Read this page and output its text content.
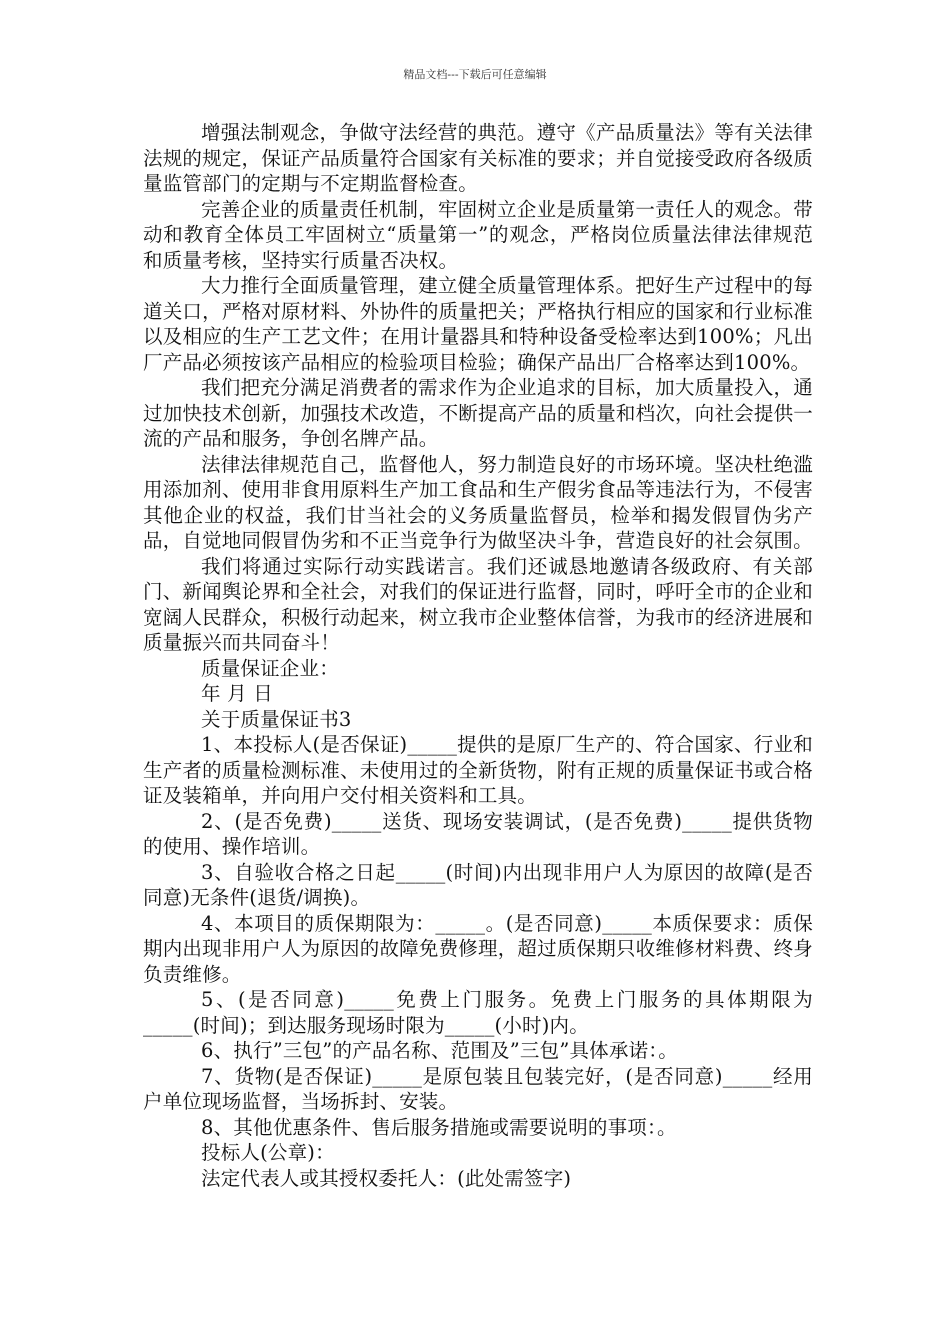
精品文档---下载后可任意编辑

增强法制观念，争做守法经营的典范。遵守《产品质量法》等有关法律法规的规定，保证产品质量符合国家有关标准的要求；并自觉接受政府各级质量监管部门的定期与不定期监督检查。

完善企业的质量责任机制，牢固树立企业是质量第一责任人的观念。带动和教育全体员工牢固树立“质量第一”的观念，严格岗位质量法律法律规范和质量考核，坚持实行质量否决权。

大力推行全面质量管理，建立健全质量管理体系。把好生产过程中的每道关口，严格对原材料、外协件的质量把关；严格执行相应的国家和行业标准以及相应的生产工艺文件；在用计量器具和特种设备受检率达到100%；凡出厂产品必须按该产品相应的检验项目检验；确保产品出厂合格率达到100%。

我们把充分满足消费者的需求作为企业追求的目标，加大质量投入，通过加快技术创新，加强技术改造，不断提高产品的质量和档次，向社会提供一流的产品和服务，争创名牌产品。

法律法律规范自己，监督他人，努力制造良好的市场环境。坚决杜绝滥用添加剂、使用非食用原料生产加工食品和生产假劣食品等违法行为，不侵害其他企业的权益，我们甘当社会的义务质量监督员，检举和揭发假冒伪劣产品，自觉地同假冒伪劣和不正当竞争行为做坚决斗争，营造良好的社会氛围。

我们将通过实际行动实践诺言。我们还诚恳地邀请各级政府、有关部门、新闻舆论界和全社会，对我们的保证进行监督，同时，呼吁全市的企业和宽阔人民群众，积极行动起来，树立我市企业整体信誉，为我市的经济进展和质量振兴而共同奋斗！

质量保证企业：

年 月 日

关于质量保证书3

1、本投标人(是否保证)_____提供的是原厂生产的、符合国家、行业和生产者的质量检测标准、未使用过的全新货物，附有正规的质量保证书或合格证及装箱单，并向用户交付相关资料和工具。

2、(是否免费)_____送货、现场安装调试，(是否免费)_____提供货物的使用、操作培训。

3、自验收合格之日起_____(时间)内出现非用户人为原因的故障(是否同意)无条件(退货/调换)。

4、本项目的质保期限为：_____。(是否同意)_____本质保要求：质保期内出现非用户人为原因的故障免费修理，超过质保期只收维修材料费、终身负责维修。

5、(是否同意)_____免费上门服务。免费上门服务的具体期限为_____(时间)；到达服务现场时限为_____(小时)内。

6、执行”三包”的产品名称、范围及”三包”具体承诺：。

7、货物(是否保证)_____是原包装且包装完好，(是否同意)_____经用户单位现场监督，当场拆封、安装。

8、其他优惠条件、售后服务措施或需要说明的事项：。

投标人(公章)：

法定代表人或其授权委托人：(此处需签字)
